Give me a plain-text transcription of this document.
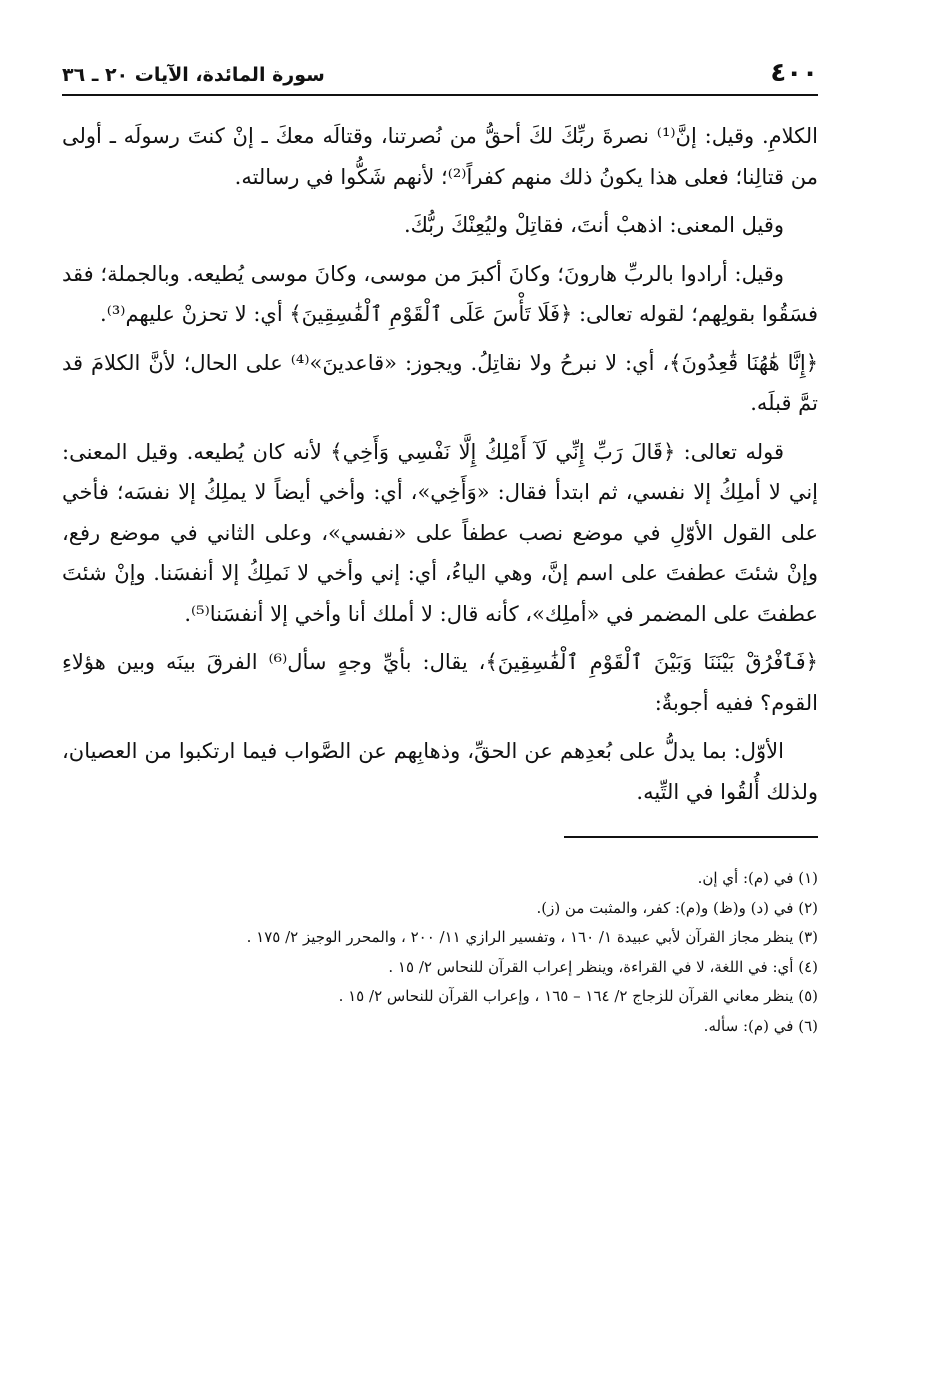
٤٠٠
سورة المائدة، الآيات ٢٠ ـ ٣٦

الكلامِ. وقيل: إنَّ⁽¹⁾ نصرةَ ربِّكَ لكَ أحقُّ من نُصرتنا، وقتالَه معكَ ـ إنْ كنتَ رسولَه ـ أولى من قتالِنا؛ فعلى هذا يكونُ ذلك منهم كفراً⁽²⁾؛ لأنهم شَكُّوا في رسالته.

وقيل المعنى: اذهبْ أنتَ، فقاتِلْ وليُعِنْكَ ربُّكَ.

وقيل: أرادوا بالربِّ هارونَ؛ وكانَ أكبرَ من موسى، وكانَ موسى يُطيعه. وبالجملة؛ فقد فسَقُوا بقولِهم؛ لقوله تعالى: ﴿فَلَا تَأْسَ عَلَى ٱلْقَوْمِ ٱلْفَٰسِقِينَ﴾ أي: لا تحزنْ عليهم⁽³⁾.

﴿إِنَّا هَٰهُنَا قَٰعِدُونَ﴾، أي: لا نبرحُ ولا نقاتِلُ. ويجوز: «قاعدينَ»⁽⁴⁾ على الحال؛ لأنَّ الكلامَ قد تمَّ قبلَه.

قوله تعالى: ﴿قَالَ رَبِّ إِنِّي لَآ أَمْلِكُ إِلَّا نَفْسِي وَأَخِي﴾ لأنه كان يُطيعه. وقيل المعنى: إني لا أملِكُ إلا نفسي، ثم ابتدأ فقال: «وَأَخِي»، أي: وأخي أيضاً لا يملِكُ إلا نفسَه؛ فأخي على القول الأوّلِ في موضع نصب عطفاً على «نفسي»، وعلى الثاني في موضع رفع، وإنْ شئتَ عطفتَ على اسم إنَّ، وهي الياءُ، أي: إني وأخي لا نَملِكُ إلا أنفسَنا. وإنْ شئتَ عطفتَ على المضمر في «أملِك»، كأنه قال: لا أملك أنا وأخي إلا أنفسَنا⁽⁵⁾.

﴿فَٱفْرُقْ بَيْنَنَا وَبَيْنَ ٱلْقَوْمِ ٱلْفَٰسِقِينَ﴾، يقال: بأيِّ وجهٍ سأل⁽⁶⁾ الفرقَ بينَه وبين هؤلاءِ القوم؟ ففيه أجوبةٌ:

الأوّل: بما يدلُّ على بُعدِهم عن الحقِّ، وذهابِهم عن الصَّواب فيما ارتكبوا من العصيان، ولذلك أُلقُوا في التِّيه.

(١) في (م): أي إن.

(٢) في (د) و(ظ) و(م): كفر، والمثبت من (ز).

(٣) ينظر مجاز القرآن لأبي عبيدة ١/ ١٦٠ ، وتفسير الرازي ١١/ ٢٠٠ ، والمحرر الوجيز ٢/ ١٧٥ .

(٤) أي: في اللغة، لا في القراءة، وينظر إعراب القرآن للنحاس ٢/ ١٥ .

(٥) ينظر معاني القرآن للزجاج ٢/ ١٦٤ – ١٦٥ ، وإعراب القرآن للنحاس ٢/ ١٥ .

(٦) في (م): سأله.
